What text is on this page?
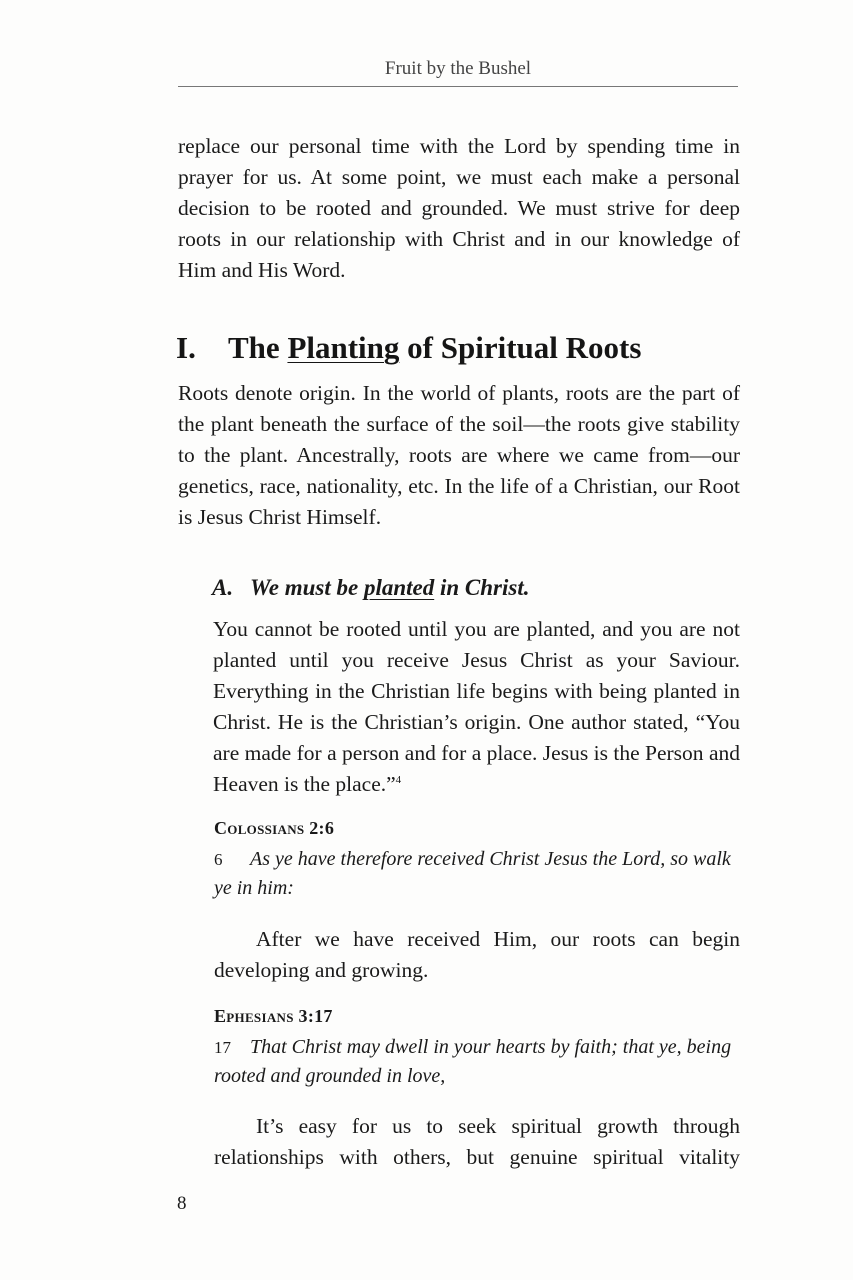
Fruit by the Bushel

replace our personal time with the Lord by spending time in prayer for us. At some point, we must each make a personal decision to be rooted and grounded. We must strive for deep roots in our relationship with Christ and in our knowledge of Him and His Word.

I. The Planting of Spiritual Roots

Roots denote origin. In the world of plants, roots are the part of the plant beneath the surface of the soil—the roots give stability to the plant. Ancestrally, roots are where we came from—our genetics, race, nationality, etc. In the life of a Christian, our Root is Jesus Christ Himself.

A. We must be planted in Christ.

You cannot be rooted until you are planted, and you are not planted until you receive Jesus Christ as your Saviour. Everything in the Christian life begins with being planted in Christ. He is the Christian’s origin. One author stated, “You are made for a person and for a place. Jesus is the Person and Heaven is the place.”$^4$

Colossians 2:6

6 As ye have therefore received Christ Jesus the Lord, so walk ye in him:

After we have received Him, our roots can begin developing and growing.

Ephesians 3:17

17 That Christ may dwell in your hearts by faith; that ye, being rooted and grounded in love,

It’s easy for us to seek spiritual growth through relationships with others, but genuine spiritual vitality

8
